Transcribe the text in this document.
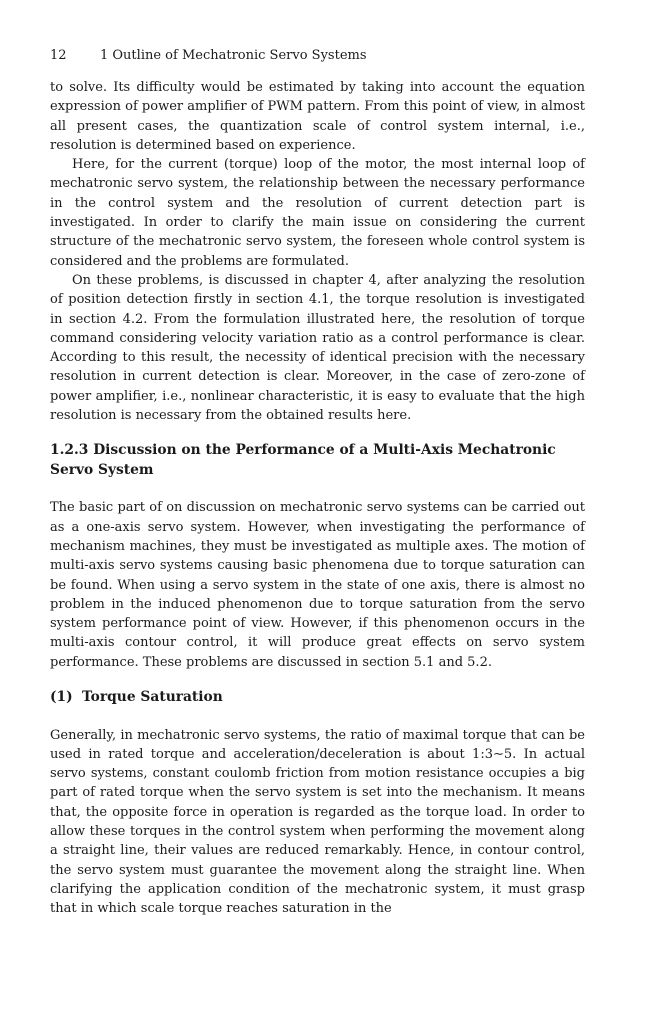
12	1 Outline of Mechatronic Servo Systems

to solve. Its difficulty would be estimated by taking into account the equation expression of power amplifier of PWM pattern. From this point of view, in almost all present cases, the quantization scale of control system internal, i.e., resolution is determined based on experience.

Here, for the current (torque) loop of the motor, the most internal loop of mechatronic servo system, the relationship between the necessary performance in the control system and the resolution of current detection part is investigated. In order to clarify the main issue on considering the current structure of the mechatronic servo system, the foreseen whole control system is considered and the problems are formulated.

On these problems, is discussed in chapter 4, after analyzing the resolution of position detection firstly in section 4.1, the torque resolution is investigated in section 4.2. From the formulation illustrated here, the resolution of torque command considering velocity variation ratio as a control performance is clear. According to this result, the necessity of identical precision with the necessary resolution in current detection is clear. Moreover, in the case of zero-zone of power amplifier, i.e., nonlinear characteristic, it is easy to evaluate that the high resolution is necessary from the obtained results here.

1.2.3 Discussion on the Performance of a Multi-Axis Mechatronic Servo System

The basic part of on discussion on mechatronic servo systems can be carried out as a one-axis servo system. However, when investigating the performance of mechanism machines, they must be investigated as multiple axes. The motion of multi-axis servo systems causing basic phenomena due to torque saturation can be found. When using a servo system in the state of one axis, there is almost no problem in the induced phenomenon due to torque saturation from the servo system performance point of view. However, if this phenomenon occurs in the multi-axis contour control, it will produce great effects on servo system performance. These problems are discussed in section 5.1 and 5.2.

(1) Torque Saturation

Generally, in mechatronic servo systems, the ratio of maximal torque that can be used in rated torque and acceleration/deceleration is about 1:3∼5. In actual servo systems, constant coulomb friction from motion resistance occupies a big part of rated torque when the servo system is set into the mechanism. It means that, the opposite force in operation is regarded as the torque load. In order to allow these torques in the control system when performing the movement along a straight line, their values are reduced remarkably. Hence, in contour control, the servo system must guarantee the movement along the straight line. When clarifying the application condition of the mechatronic system, it must grasp that in which scale torque reaches saturation in the
